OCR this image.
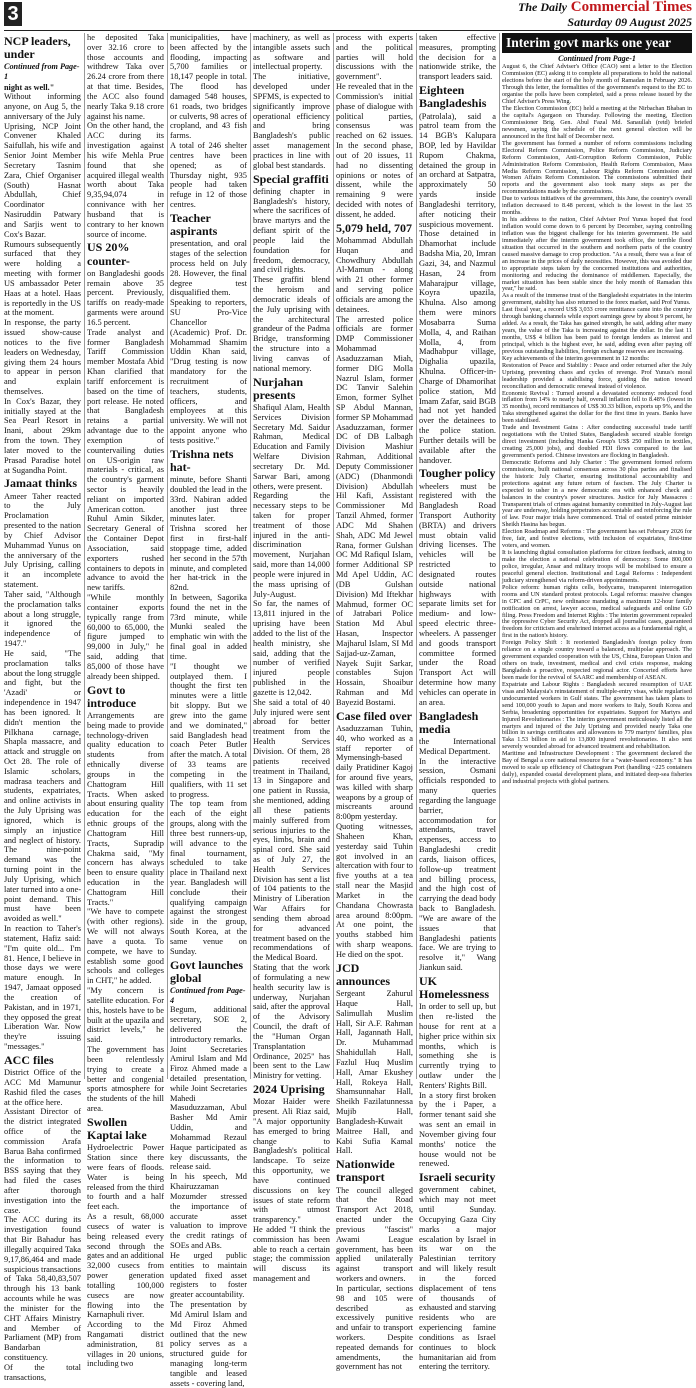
3	The Daily Commercial Times
Saturday 09 August 2025
NCP leaders, under
Continued from Page-1
night as well."

Without informing anyone, on Aug 5, the anniversary of the July Uprising, NCP Joint Convener Khaled Saifullah, his wife and Senior Joint Member Secretary Tasnim Zara, Chief Organiser (South) Hasnat Abdullah, Chief Coordinator Nasiruddin Patwary and Sarjis went to Cox's Bazar.

Rumours subsequently surfaced that they were holding a meeting with former US ambassador Peter Haas at a hotel. Haas is reportedly in the US at the moment.

In response, the party issued show-cause notices to the five leaders on Wednesday, giving them 24 hours to appear in person and explain themselves.

In Cox's Bazar, they initially stayed at the Sea Pearl Resort in Inani, about 29km from the town. They later moved to the Prasad Paradise hotel at Sugandha Point.

Jamaat thinks

Ameer Taher reacted to the July Proclamation presented to the nation by Chief Advisor Muhammad Yunus on the anniversary of the July Uprising, calling it an incomplete statement.

Taher said, "Although the proclamation talks about a long struggle, it ignored the independence of 1947."

He said, "The proclamation talks about the long struggle and fight, but the 'Azadi' or independence in 1947 has been ignored. It didn't mention the Pilkhana carnage, Shapla massacre, and attack and struggle on Oct 28. The role of Islamic scholars, madrasa teachers and students, expatriates, and online activists in the July Uprising was ignored, which is simply an injustice and neglect of history. The nine-point demand was the turning point in the July Uprising, which later turned into a one-point demand. This must have been avoided as well."

In reaction to Taher's statement, Hafiz said: "I'm quite old... I'm 81. Hence, I believe in those days we were mature enough. In 1947, Jamaat opposed the creation of Pakistan, and in 1971, they opposed the great Liberation War. Now they're issuing "messages."

ACC files

District Office of the ACC Md Mamunur Rashid filed the cases at the office here.

Assistant Director of the district integrated office of the commission Arafa Barua Baha confirmed the information to BSS saying that they had filed the cases after thorough investigation into the case.

The ACC during its investigation found that Bir Bahadur has illegally acquired Taka 9,17,86,464 and made suspicious transactions of Taka 58,40,83,507 through his 13 bank accounts while he was the minister for the CHT Affairs Ministry and Member of Parliament (MP) from Bandarban constituency.

Of the total transactions,

he deposited Taka over 32.16 crore to those accounts and withdrew Taka over 26.24 crore from there at that time. Besides, the ACC also found nearly Taka 9.18 crore against his name.

On the other hand, the ACC during its investigation against his wife Mehla Prue found that she acquired illegal wealth worth about Taka 9,35,94,074 in connivance with her husband that is contrary to her known source of income.

US 20% counter-

on Bangladeshi goods remain above 35 percent. Previously, tariffs on ready-made garments were around 16.5 percent.

Trade analyst and former Bangladesh Tariff Commission member Mostafa Abid Khan clarified that tariff enforcement is based on the time of port release. He noted that Bangladesh retains a partial advantage due to the exemption of countervailing duties on US-origin raw materials - critical, as the country's garment sector is heavily reliant on imported American cotton.

Ruhul Amin Sikder, Secretary General of the Container Depot Association, said exporters rushed containers to depots in advance to avoid the new tariffs.

"While monthly container exports typically range from 60,000 to 65,000, the figure jumped to 99,000 in July," he said, adding that 85,000 of those have already been shipped.

Govt to introduce

Arrangements are being made to provide technology-driven quality education to students from ethnically diverse groups in the Chattogram Hill Tracts. When asked about ensuring quality education for the ethnic groups of the Chattogram Hill Tracts, Supradip Chakma said, "My concern has always been to ensure quality education in the Chattogram Hill Tracts."

"We have to compete (with other regions). We will not always have a quota. To compete, we have to establish some good schools and colleges in CHT," he added.

"My concern is satellite education. For this, hostels have to be built at the upazila and district levels," he said.

The government has been relentlessly trying to create a better and congenial sports atmosphere for the students of the hill area.

Swollen Kaptai lake

Hydroelectric Power Station since there were fears of floods. Water is being released from the third to fourth and a half feet each.

As a result, 68,000 cusecs of water is being released every second through the gates and an additional 32,000 cusecs from power generation totalling 100,000 cusecs are now flowing into the Karnaphuli river.

According to the Rangamati district administration, 81 villages in 20 unions, including two

municipalities, have been affected by the flooding, impacting 5,700 families or 18,147 people in total. The flood has damaged 548 houses, 61 roads, two bridges or culverts, 98 acres of cropland, and 43 fish farms.

A total of 246 shelter centres have been opened; as of Thursday night, 935 people had taken refuge in 12 of those centres.

Teacher aspirants

presentation, and oral stages of the selection process held on July 28. However, the final degree test disqualified them.

Speaking to reporters, SU Pro-Vice Chancellor (Academic) Prof. Dr. Mohammad Shamim Uddin Khan said, "Drug testing is now mandatory for the recruitment of teachers, students, officers, and employees at this university. We will not appoint anyone who tests positive."

Trishna nets hat-

minute, before Shanti doubled the lead in the 33rd. Nabiran added another just three minutes later.

Trishna scored her first in first-half stoppage time, added her second in the 57th minute, and completed her hat-trick in the 82nd.

In between, Sagorika found the net in the 73rd minute, while Munki sealed the emphatic win with the final goal in added time.

"I thought we outplayed them. I thought the first ten minutes were a little bit sloppy. But we grew into the game and we dominated," said Bangladesh head coach Peter Butler after the match. A total of 33 teams are competing in the qualifiers, with 11 set to progress.

The top team from each of the eight groups, along with the three best runners-up, will advance to the final tournament, scheduled to take place in Thailand next year. Bangladesh will conclude their qualifying campaign against the strongest side in the group, South Korea, at the same venue on Sunday.

Govt launches global
Continued from Page-4

Begum, additional secretary, SOE 2, delivered the introductory remarks.

Joint Secretaries Amirul Islam and Md Firoz Ahmed made a detailed presentation, while Joint Secretaries Mahedi Masuduzzaman, Abul Basher Md Amir Uddin, and Mohammad Rezaul Haque participated as key discussants, the release said.

In his speech, Md Khairuzzaman Mozumder stressed the importance of accurate asset valuation to improve the credit ratings of SOEs and ABs.

He urged public entities to maintain updated fixed asset registers to foster greater accountability.

The presentation by Md Amirul Islam and Md Firoz Ahmed outlined that the new policy serves as a structured guide for managing long-term tangible and leased assets - covering land,

machinery, as well as intangible assets such as software and intellectual property.

The initiative, developed under SPFMS, is expected to significantly improve operational efficiency and bring Bangladesh's public asset management practices in line with global best standards.

Special graffiti

defining chapter in Bangladesh's history, where the sacrifices of brave martyrs and the defiant spirit of the people laid the foundation for freedom, democracy, and civil rights.

These graffiti blend the heroism and democratic ideals of the July uprising with the architectural grandeur of the Padma Bridge, transforming the structure into a living canvas of national memory.

Nurjahan presents

Shafiqul Alam, Health Services Division Secretary Md. Saidur Rahman, Medical Education and Family Welfare Division secretary Dr. Md. Sarwar Bari, among others, were present.

Regarding the necessary steps to be taken for proper treatment of those injured in the anti-discrimination movement, Nurjahan said, more than 14,000 people were injured in the mass uprising of July-August.

So far, the names of 13,811 injured in the uprising have been added to the list of the health ministry, she said, adding that the number of verified injured people published in the gazette is 12,042.

She said a total of 40 July injured were sent abroad for better treatment from the Health Services Division. Of them, 28 patients received treatment in Thailand, 13 in Singapore and one patient in Russia, she mentioned, adding all these patients mainly suffered from serious injuries to the eyes, limbs, brain and spinal cord. She said as of July 27, the Health Services Division has sent a list of 104 patients to the Ministry of Liberation War Affairs for sending them abroad for advanced treatment based on the recommendations of the Medical Board.

Stating that the work of formulating a new health security law is underway, Nurjahan said, after the approval of the Advisory Council, the draft of the "Human Organ Transplantation Ordinance, 2025" has been sent to the Law Ministry for vetting.

2024 Uprising

Mozar Haider were present. Ali Riaz said, "A major opportunity has emerged to bring change to Bangladesh's political landscape. To seize this opportunity, we have continued discussions on key issues of state reform with utmost transparency."

He added "I think the commission has been able to reach a certain stage; the commission will discuss its management and

process with experts and the political parties will hold discussions with the government".

He revealed that in the Commission's initial phase of dialogue with political parties, consensus was reached on 62 issues. In the second phase, out of 20 issues, 11 had no dissenting opinions or notes of dissent, while the remaining 9 were decided with notes of dissent, he added.

5,079 held, 707

Mohammad Abdullah Huqan and Chowdhury Abdullah Al-Mamun - along with 21 other former and serving police officials are among the detainees.

The arrested police officials are former DMP Commissioner Mohammad Asaduzzaman Miah, former DIG Molla Nazrul Islam, former DC Tanvir Salehin Emon, former Sylhet SP Abdul Mannan, former SP Mohammad Asaduzzaman, former DC of DB Lalbagh Division Mashiur Rahman, Additional Deputy Commissioner (ADC) (Dhanmondi Division) Abdullah Hil Kafi, Assistant Commissioner Md Tanzil Ahmed, former ADC Md Shahen Shah, ADC Md Jewel Rana, former Gulshan OC Md Rafiqul Islam, former Additional SP Md Apel Uddin, AC (DB Gulshan Division) Md Iftekhar Mahmud, former OC of Jatrabari Police Station Md Abul Hasan, Inspector Majharul Islam, SI Md Sajjad-uz-Zaman, Nayek Sujit Sarkar, constables Sujon Hossain, Shoaibur Rahman and Md Bayezid Bostami.

Case filed over

Asaduzzaman Tuhin, 40, who worked as a staff reporter of Mymensingh-based daily Pratidiner Kagoj for around five years, was killed with sharp weapons by a group of miscreants around 8:00pm yesterday.

Quoting witnesses, Shaheen Khan, yesterday said Tuhin got involved in an altercation with four to five youths at a tea stall near the Masjid Market in the Chandana Chowrasta area around 8:00pm. At one point, the youths stabbed him with sharp weapons. He died on the spot.

JCD announces

Sergeant Zahurul Haque Hall, Salimullah Muslim Hall, Sir A.F. Rahman Hall, Jagannath Hall, Dr. Muhammad Shahidullah Hall, Fazlul Huq Muslim Hall, Amar Ekushey Hall, Rokeya Hall, Shamsunnahar Hall, Sheikh Fazilatunnessa Mujib Hall, Bangladesh-Kuwait Maitree Hall, and Kabi Sufia Kamal Hall.

Nationwide transport

The council alleged that the Road Transport Act 2018, enacted under the previous "fascist" Awami League government, has been applied unilaterally against transport workers and owners.

In particular, sections 98 and 105 were described as excessively punitive and unfair to transport workers. Despite repeated demands for amendments, the government has not

taken effective measures, prompting the decision for a nationwide strike, the transport leaders said.

Eighteen Bangladeshis

(Patrolala), said a patrol team from the 14 BGB's Kalupara BOP, led by Havildar Rupom Chakma, detained the group in an orchard at Satpatra, approximately 50 yards inside Bangladeshi territory, after noticing their suspicious movement.

Those detained in Dhamorhat include Badsha Mia, 20, Imran Gazi, 34, and Nazmul Hasan, 24 from Maharajpur village, Koyra upazila, Khulna. Also among them were minors Mosabarra Suma Molla, 4, and Raihan Molla, 4, from Madhabpur village, Dighalia upazila, Khulna. Officer-in-Charge of Dhamorihat police station, Md Imam Zafar, said BGB had not yet handed over the detainees to the police station. Further details will be available after the handover.

Tougher policy

wheelers must be registered with the Bangladesh Road Transport Authority (BRTA) and drivers must obtain valid driving licenses. The vehicles will be restricted to designated routes outside national highways with separate limits set for medium- and low-speed electric three-wheelers. A passenger and goods transport committee formed under the Road Transport Act will determine how many vehicles can operate in an area.

Bangladesh media

the International Medical Department.

In the interactive session, Osmani officials responded to many queries regarding the language barrier, accommodation for attendants, travel expenses, access to Bangladeshi credit cards, liaison offices, follow-up treatment and billing process, and the high cost of carrying the dead body back to Bangladesh. "We are aware of the issues that Bangladeshi patients face. We are trying to resolve it," Wang Jiankun said.

UK Homelessness

In order to sell up, but then re-listed the house for rent at a higher price within six months, which is something she is currently trying to outlaw under the Renters' Rights Bill.

In a story first broken by the i Paper, a former tenant said she was sent an email in November giving four months' notice the house would not be renewed.

Israeli security

government cabinet, which may not meet until Sunday. Occupying Gaza City marks a major escalation by Israel in its war on the Palestinian territory and will likely result in the forced displacement of tens of thousands of exhausted and starving residents who are experiencing famine conditions as Israel continues to block humanitarian aid from entering the territory.

Interim govt marks one year
Continued from Page-1

August 6, the Chief Adviser's Office (CAO) sent a letter to the Election Commission (EC) asking it to complete all preparations to hold the national elections before the start of the holy month of Ramadan in February 2026. Through this letter, the formalities of the government's request to the EC to organise the polls have been completed, said a press release issued by the Chief Adviser's Press Wing.

The Election Commission (EC) held a meeting at the Nirbachan Bhaban in the capital's Agargaon on Thursday. Following the meeting, Election Commissioner Brig. Gen. Abul Fazal Md. Sanaullah (retd) briefed newsmen, saying the schedule of the next general election will be announced in the first half of December next.

The government has formed a number of reform commissions including Electoral Reform Commission, Police Reform Commission, Judiciary Reform Commission, Anti-Corruption Reform Commission, Public Administration Reform Commission, Health Reform Commission, Mass Media Reform Commission, Labour Rights Reform Commission and Women Affairs Reform Commission. The commissions submitted their reports and the government also took many steps as per the recommendations made by the commissions.

Due to various initiatives of the government, this June, the country's overall inflation decreased to 8.48 percent, which is the lowest in the last 35 months.

In his address to the nation, Chief Adviser Prof Yunus hoped that food inflation would come down to 6 percent by December, saying controlling inflation was the biggest challenge for his interim government. He said immediately after the interim government took office, the terrible flood situation that occurred in the southern and northern parts of the country caused massive damage to crop production. "As a result, there was a fear of an increase in the prices of daily necessities. However, this was avoided due to appropriate steps taken by the concerned institutions and authorities, monitoring and reducing the dominance of middlemen. Especially, the market situation has been stable since the holy month of Ramadan this year," he said.

As a result of the immense trust of the Bangladeshi expatriates in the interim government, stability has also returned to the forex market, said Prof Yunus.

Last fiscal year, a record US$ 3,033 crore remittance came into the country through banking channels while export earnings grew by about 9 percent, he added. As a result, the Taka has gained strength, he said, adding after many years, the value of the Taka is increasing against the dollar. In the last 11 months, US$ 4 billion has been paid to foreign lenders as interest and principal, which is the highest ever, he said, adding even after paying off previous outstanding liabilities, foreign exchange reserves are increasing.

Key achievements of the interim government in 12 months:

Restoration of Peace and Stability : Peace and order returned after the July Uprising, preventing chaos and cycles of revenge. Prof Yunus's moral leadership provided a stabilising force, guiding the nation toward reconciliation and democratic renewal instead of violence.

Economic Revival : Turned around a devastated economy: reduced food inflation from 14% to nearly half, overall inflation fell to 8.48% (lowest in 35 months), record remittances of US$ 30.33 billion, exports up 9%, and the Taka strengthened against the dollar for the first time in years. Banks have been stabilised.

Trade and Investment Gains : After conducting successful trade tariff negotiations with the United States, Bangladesh secured sizable foreign direct investment (including Hanka Group's US$ 250 million in textiles, creating 25,000 jobs), and doubled FDI flows compared to the last government's period. Chinese investors are flocking in Bangladesh.

Democratic Reforms and July Charter : The government formed reform commissions, built national consensus across 30 plus parties and finalised the historic July Charter, ensuring institutional accountability and protections against any future return of fascism. The July Charter is expected to usher in a new democratic era with enhanced check and balances in the country's power structures. Justice for July Massacres : Transparent trials of crimes against humanity committed in July-August last year are underway, holding perpetrators accountable and reinforcing the rule of law. Four major trials have commenced. Trial of ousted prime minister Sheikh Hasina has begun.

Election Roadmap and Reforms : The government has set February 2026 for free, fair, and festive elections, with inclusion of expatriates, first-time voters, and women.

It is launching digital consultation platforms for citizen feedback, aiming to make the election a national celebration of democracy. Some 800,000 police, irregular, Ansar and military troops will be mobilised to ensure a peaceful general election. Institutional and Legal Reforms : Independent judiciary strengthened via reform-driven appointments.

Police reform: human rights cells, bodycams, transparent interrogation rooms and UN standard protest protocols. Legal reforms: massive changes in CPC and CrPC, new ordinance mandating a maximum 12-hour family notification on arrest, lawyer access, medical safeguards and online GD filing. Press Freedom and Internet Rights : The interim government repealed the oppressive Cyber Security Act, dropped all journalist cases, guaranteed freedom for criticism and enshrined internet access as a fundamental right, a first in the nation's history.

Foreign Policy Shift : It reoriented Bangladesh's foreign policy from reliance on a single country toward a balanced, multipolar approach. The government expanded cooperation with the US, China, European Union and others on trade, investment, medical and civil crisis response, making Bangladesh a proactive, respected regional actor. Concerted efforts have been made for the revival of SAARC and membership of ASEAN.

Expatriate and Labour Rights : Bangladesh secured resumption of UAE visas and Malaysia's reinstatement of multiple-entry visas, while regularised undocumented workers in Gulf states. The government has taken plans to send 100,000 youth to Japan and more workers to Italy, South Korea and Serbia, broadening opportunities for expatriates. Support for Martyrs and Injured Revolutionaries : The interim government meticulously listed all the martyrs and injured of the July Uprising and provided nearly Taka one billion in savings certificates and allowances to 779 martyrs' families, plus Taka 1.53 billion in aid to 13,800 injured revolutionaries. It also sent severely wounded abroad for advanced treatment and rehabilitation.

Maritime and Infrastructure Development : The government declared the Bay of Bengal a core national resource for a "water-based economy." It has moved to scale up efficiency of Chattogram Port (handling ~225 containers daily), expanded coastal development plans, and initiated deep-sea fisheries and industrial projects with global partners.
